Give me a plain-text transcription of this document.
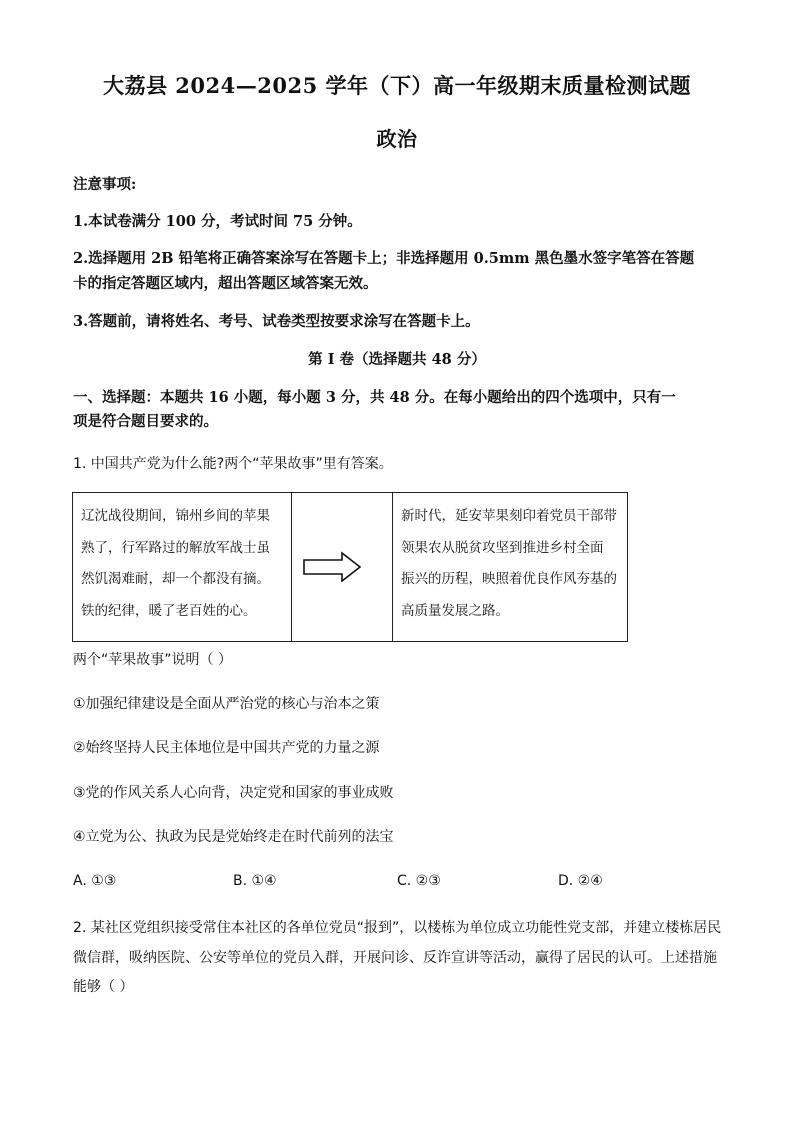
大荔县 2024—2025 学年（下）高一年级期末质量检测试题
政治
注意事项:
1.本试卷满分 100 分，考试时间 75 分钟。
2.选择题用 2B 铅笔将正确答案涂写在答题卡上；非选择题用 0.5mm 黑色墨水签字笔答在答题
卡的指定答题区域内，超出答题区域答案无效。
3.答题前，请将姓名、考号、试卷类型按要求涂写在答题卡上。
第 I 卷（选择题共 48 分）
一、选择题：本题共 16 小题，每小题 3 分，共 48 分。在每小题给出的四个选项中，只有一
项是符合题目要求的。
1. 中国共产党为什么能?两个“苹果故事”里有答案。
辽沈战役期间，锦州乡间的苹果
熟了，行军路过的解放军战士虽
然饥渴难耐，却一个都没有摘。
铁的纪律，暖了老百姓的心。
新时代，延安苹果刻印着党员干部带
领果农从脱贫攻坚到推进乡村全面
振兴的历程，映照着优良作风夯基的
高质量发展之路。
两个“苹果故事”说明（ ）
①加强纪律建设是全面从严治党的核心与治本之策
②始终坚持人民主体地位是中国共产党的力量之源
③党的作风关系人心向背，决定党和国家的事业成败
④立党为公、执政为民是党始终走在时代前列的法宝
A. ①③	B. ①④	C. ②③	D. ②④
2. 某社区党组织接受常住本社区的各单位党员“报到”，以楼栋为单位成立功能性党支部，并建立楼栋居民
微信群，吸纳医院、公安等单位的党员入群，开展问诊、反诈宣讲等活动，赢得了居民的认可。上述措施
能够（ ）
